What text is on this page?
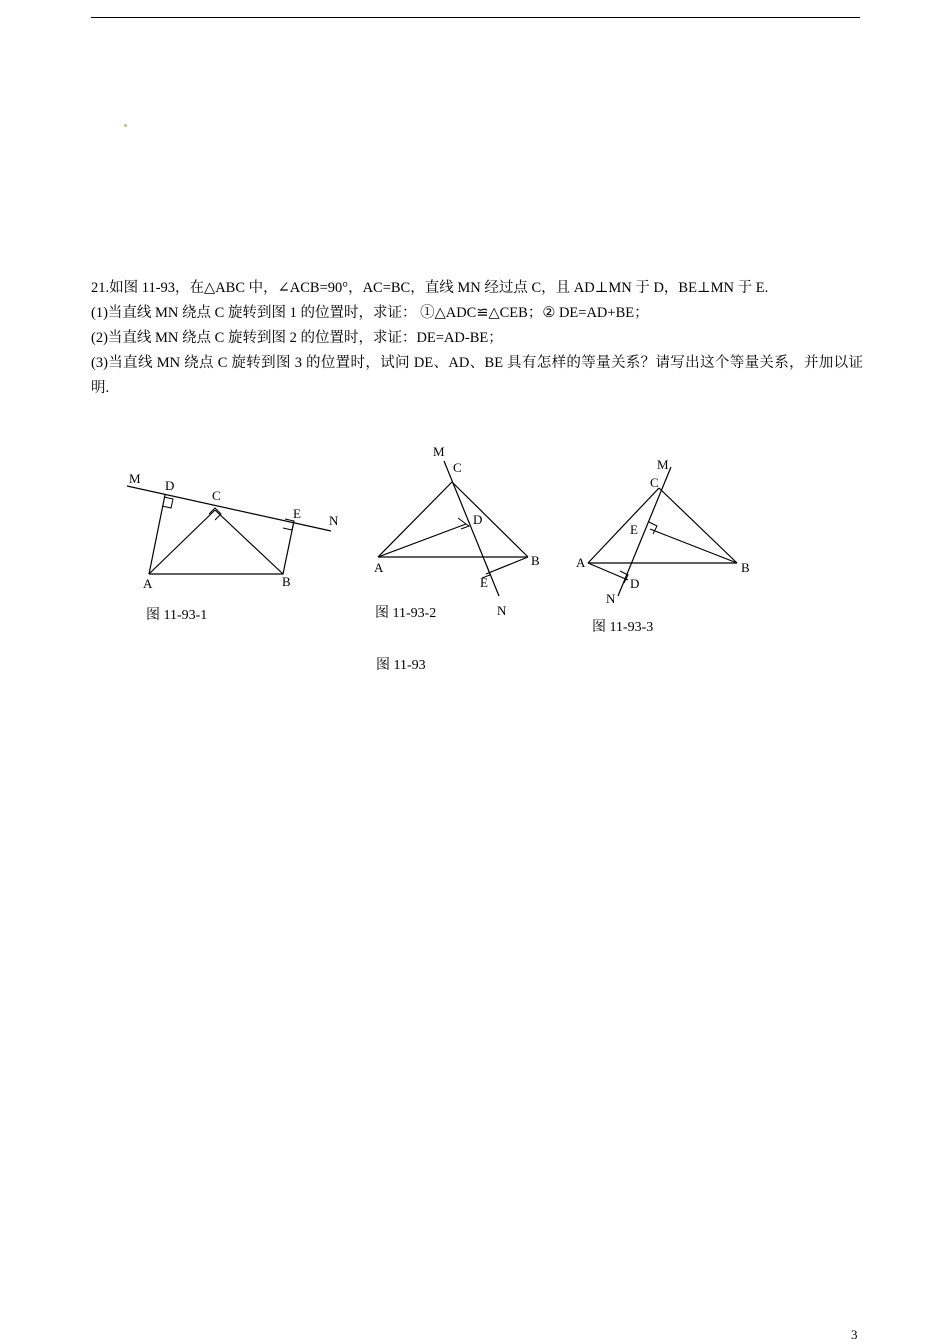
21.如图 11-93，在△ABC 中，∠ACB=90°，AC=BC，直线 MN 经过点 C，且 AD⊥MN 于 D，BE⊥MN 于 E.

(1)当直线 MN 绕点 C 旋转到图 1 的位置时，求证： ①△ADC≌△CEB；② DE=AD+BE；

(2)当直线 MN 绕点 C 旋转到图 2 的位置时，求证：DE=AD-BE；

(3)当直线 MN 绕点 C 旋转到图 3 的位置时，试问 DE、AD、BE 具有怎样的等量关系？请写出这个等量关系，并加以证明.

M D
C
E N
A	B
图 11-93-1
M
C
D
A	B
E
N
图 11-93-2
M
C
E
A	B
D
N
图 11-93-3
图 11-93
3
